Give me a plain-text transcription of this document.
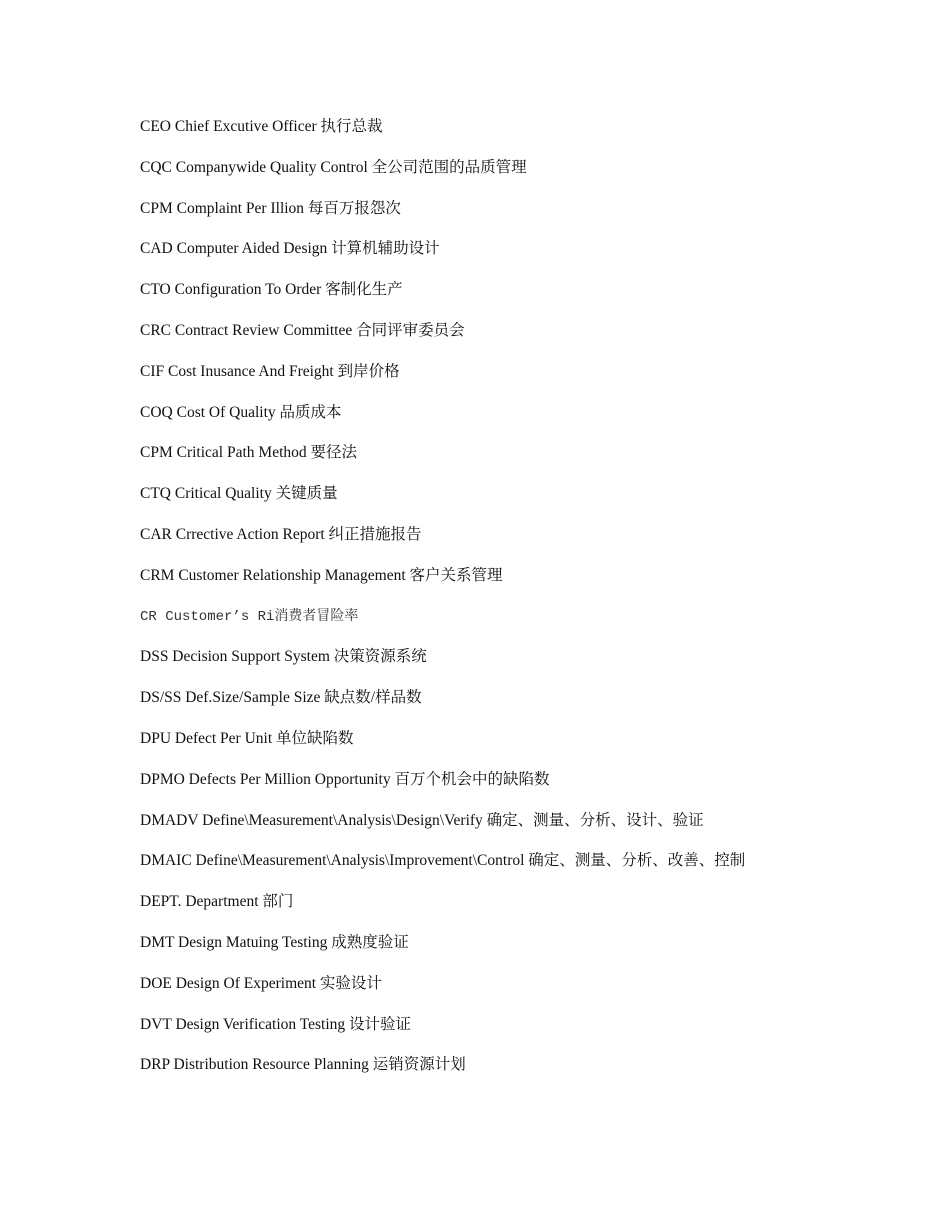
CEO Chief Excutive Officer 执行总裁
CQC Companywide Quality Control 全公司范围的品质管理
CPM Complaint Per Illion 每百万报怨次
CAD Computer Aided Design 计算机辅助设计
CTO Configuration To Order 客制化生产
CRC Contract Review Committee 合同评审委员会
CIF Cost Inusance And Freight 到岸价格
COQ Cost Of Quality 品质成本
CPM Critical Path Method 要径法
CTQ Critical Quality 关键质量
CAR Crrective Action Report 纠正措施报告
CRM Customer Relationship Management 客户关系管理
CR Customer’s Ri消费者冒险率
DSS Decision Support System 决策资源系统
DS/SS Def.Size/Sample Size 缺点数/样品数
DPU Defect Per Unit 单位缺陷数
DPMO Defects Per Million Opportunity 百万个机会中的缺陷数
DMADV Define\Measurement\Analysis\Design\Verify 确定、测量、分析、设计、验证
DMAIC Define\Measurement\Analysis\Improvement\Control 确定、测量、分析、改善、控制
DEPT. Department 部门
DMT Design Matuing Testing 成熟度验证
DOE Design Of Experiment 实验设计
DVT Design Verification Testing 设计验证
DRP Distribution Resource Planning 运销资源计划
